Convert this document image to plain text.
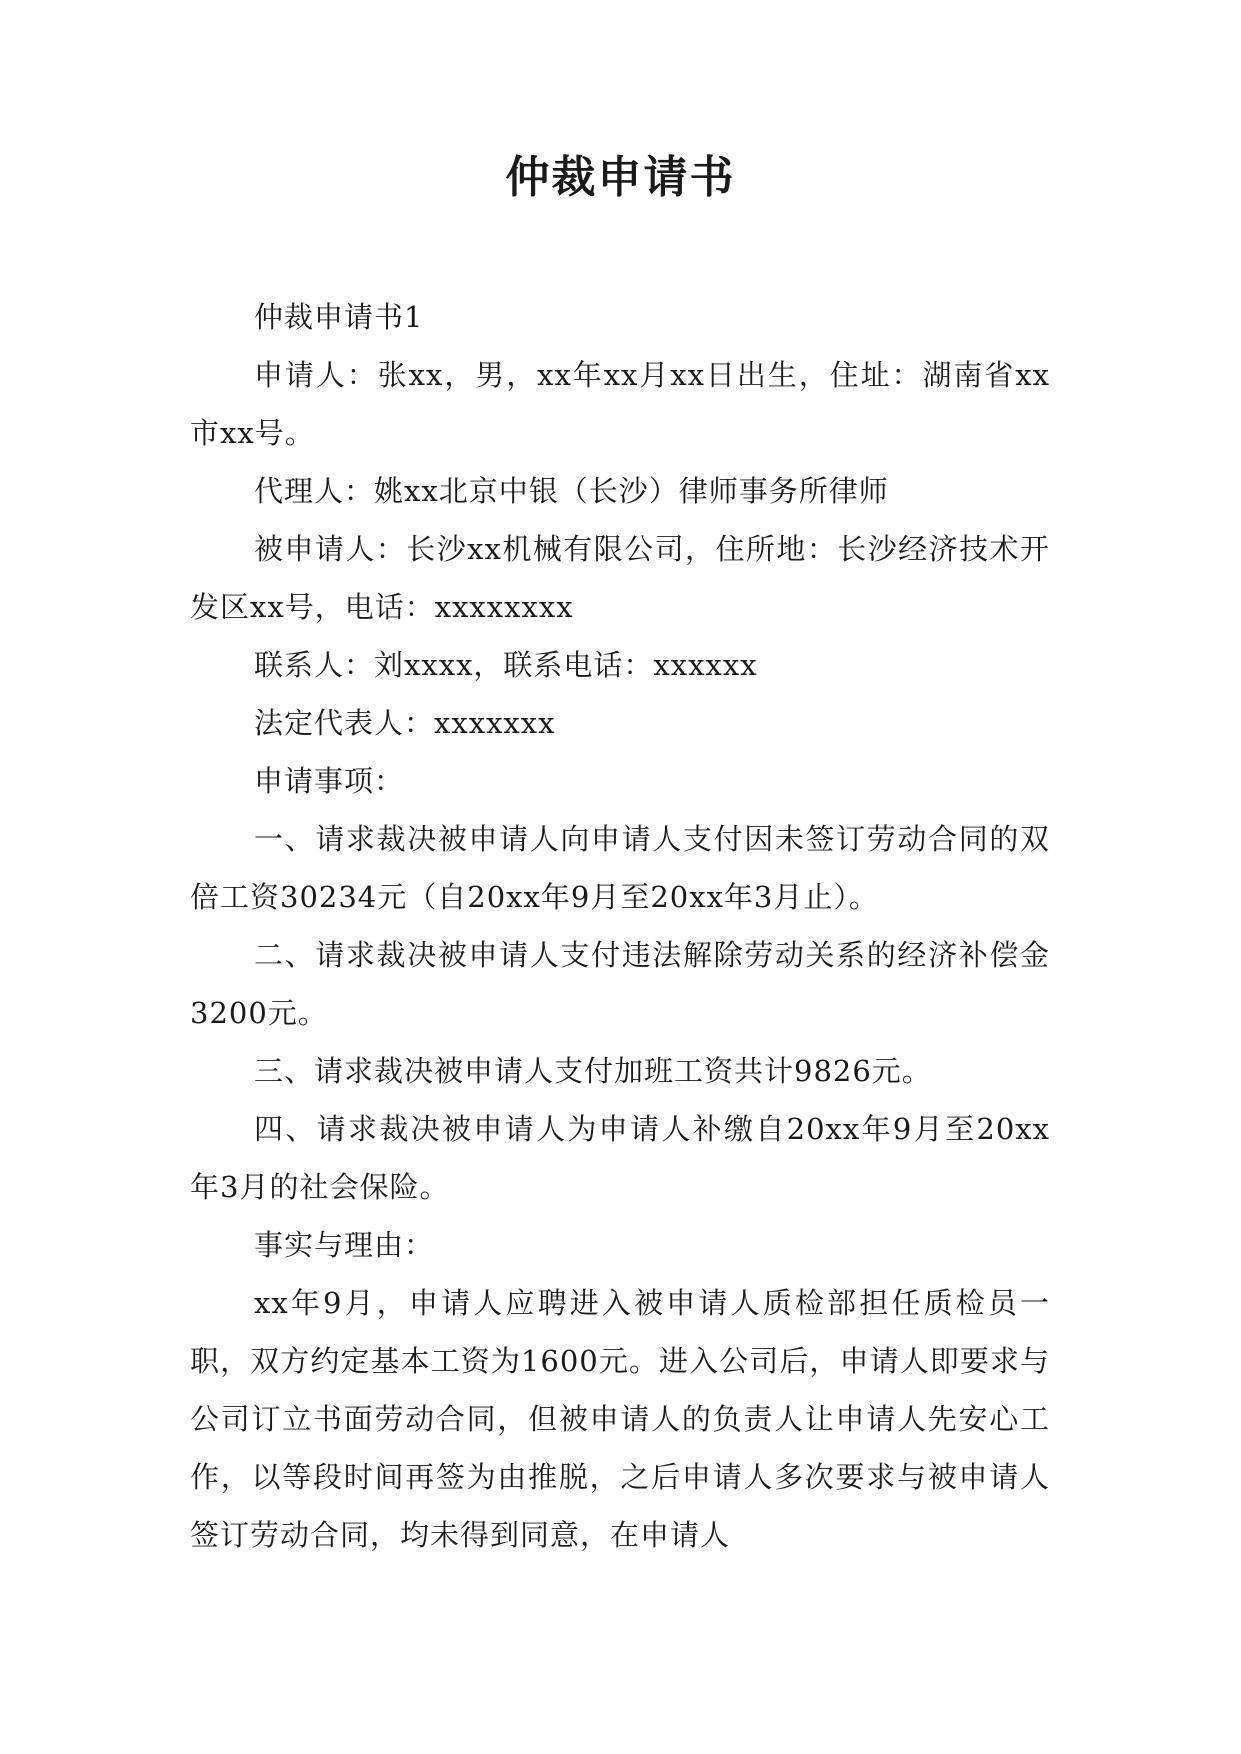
仲裁申请书

仲裁申请书1

申请人：张xx，男，xx年xx月xx日出生，住址：湖南省xx市xx号。

代理人：姚xx北京中银（长沙）律师事务所律师

被申请人：长沙xx机械有限公司，住所地：长沙经济技术开发区xx号，电话：xxxxxxxx

联系人：刘xxxx，联系电话：xxxxxx

法定代表人：xxxxxxx

申请事项：

一、请求裁决被申请人向申请人支付因未签订劳动合同的双倍工资30234元（自20xx年9月至20xx年3月止）。

二、请求裁决被申请人支付违法解除劳动关系的经济补偿金3200元。

三、请求裁决被申请人支付加班工资共计9826元。

四、请求裁决被申请人为申请人补缴自20xx年9月至20xx年3月的社会保险。

事实与理由：

xx年9月，申请人应聘进入被申请人质检部担任质检员一职，双方约定基本工资为1600元。进入公司后，申请人即要求与公司订立书面劳动合同，但被申请人的负责人让申请人先安心工作，以等段时间再签为由推脱，之后申请人多次要求与被申请人签订劳动合同，均未得到同意，在申请人
